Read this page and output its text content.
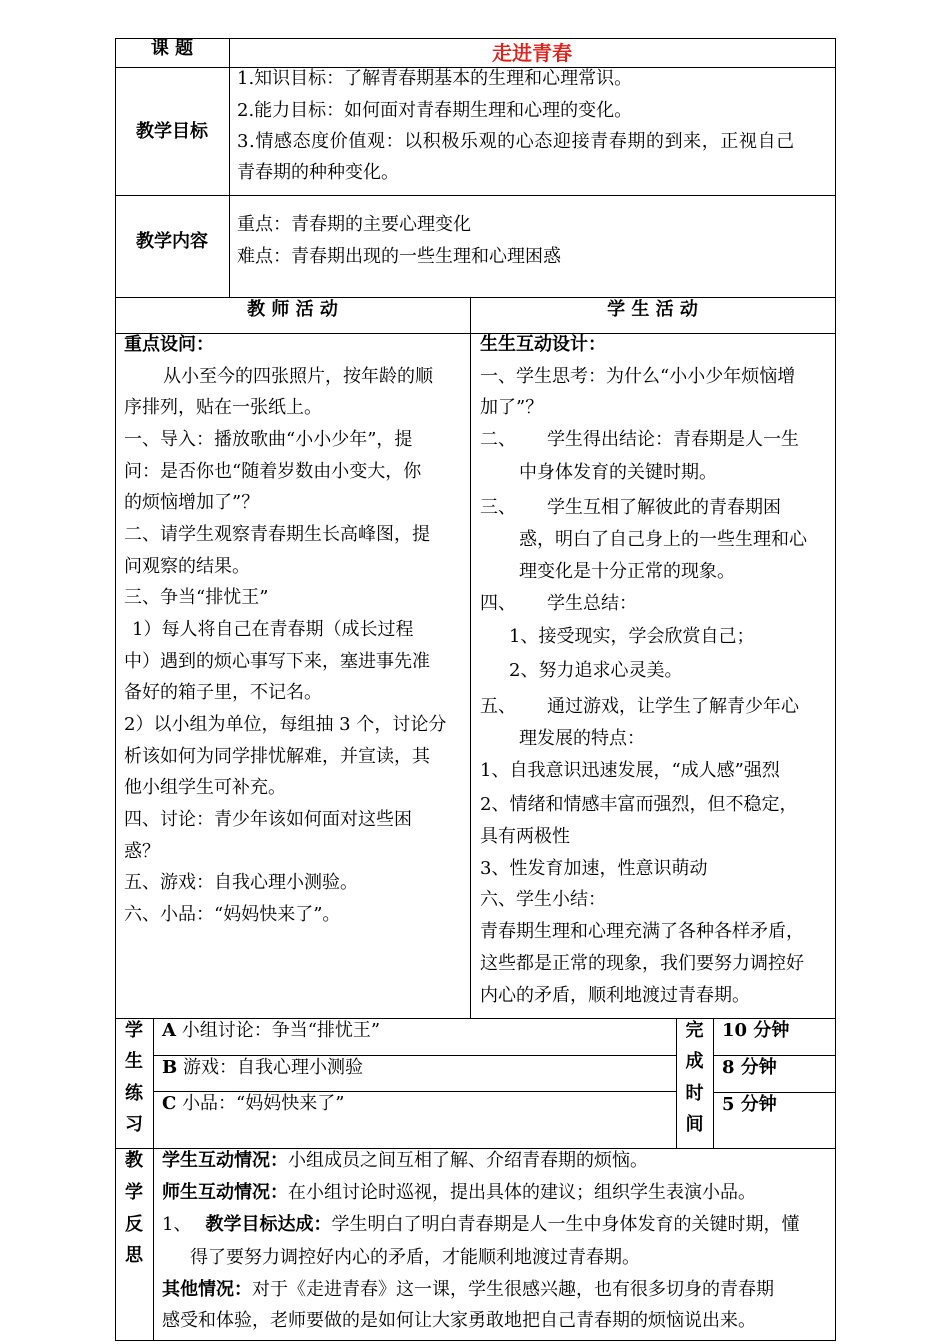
课 题	走进青春
教学目标
1.知识目标：了解青春期基本的生理和心理常识。
2.能力目标：如何面对青春期生理和心理的变化。
3.情感态度价值观：以积极乐观的心态迎接青春期的到来，正视自己
青春期的种种变化。
教学内容
重点：青春期的主要心理变化
难点：青春期出现的一些生理和心理困惑
教 师 活 动	学 生 活 动
重点设问：
从小至今的四张照片，按年龄的顺
序排列，贴在一张纸上。
一、导入：播放歌曲“小小少年”，提
问：是否你也“随着岁数由小变大，你
的烦恼增加了”？
二、请学生观察青春期生长高峰图，提
问观察的结果。
三、争当“排忧王”
1）每人将自己在青春期（成长过程
中）遇到的烦心事写下来，塞进事先准
备好的箱子里，不记名。
2）以小组为单位，每组抽 3 个，讨论分
析该如何为同学排忧解难，并宣读，其
他小组学生可补充。
四、讨论：青少年该如何面对这些困
惑？
五、游戏：自我心理小测验。
六、小品：“妈妈快来了”。
生生互动设计：
一、学生思考：为什么“小小少年烦恼增
加了”？
二、 学生得出结论：青春期是人一生
中身体发育的关键时期。
三、 学生互相了解彼此的青春期困
惑，明白了自己身上的一些生理和心
理变化是十分正常的现象。
四、 学生总结：
1、接受现实，学会欣赏自己；
2、努力追求心灵美。
五、 通过游戏，让学生了解青少年心
理发展的特点：
1、自我意识迅速发展，“成人感”强烈
2、情绪和情感丰富而强烈，但不稳定，
具有两极性
3、性发育加速，性意识萌动
六、学生小结：
青春期生理和心理充满了各种各样矛盾，
这些都是正常的现象，我们要努力调控好
内心的矛盾，顺利地渡过青春期。
学
生
练
习
A 小组讨论：争当“排忧王”
B 游戏：自我心理小测验
C 小品：“妈妈快来了”
完
成
时
间
10 分钟
8 分钟
5 分钟
教
学
反
思
学生互动情况：小组成员之间互相了解、介绍青春期的烦恼。
师生互动情况：在小组讨论时巡视，提出具体的建议；组织学生表演小品。
1、 教学目标达成：学生明白了明白青春期是人一生中身体发育的关键时期，懂
得了要努力调控好内心的矛盾，才能顺利地渡过青春期。
其他情况：对于《走进青春》这一课，学生很感兴趣，也有很多切身的青春期
感受和体验，老师要做的是如何让大家勇敢地把自己青春期的烦恼说出来。
